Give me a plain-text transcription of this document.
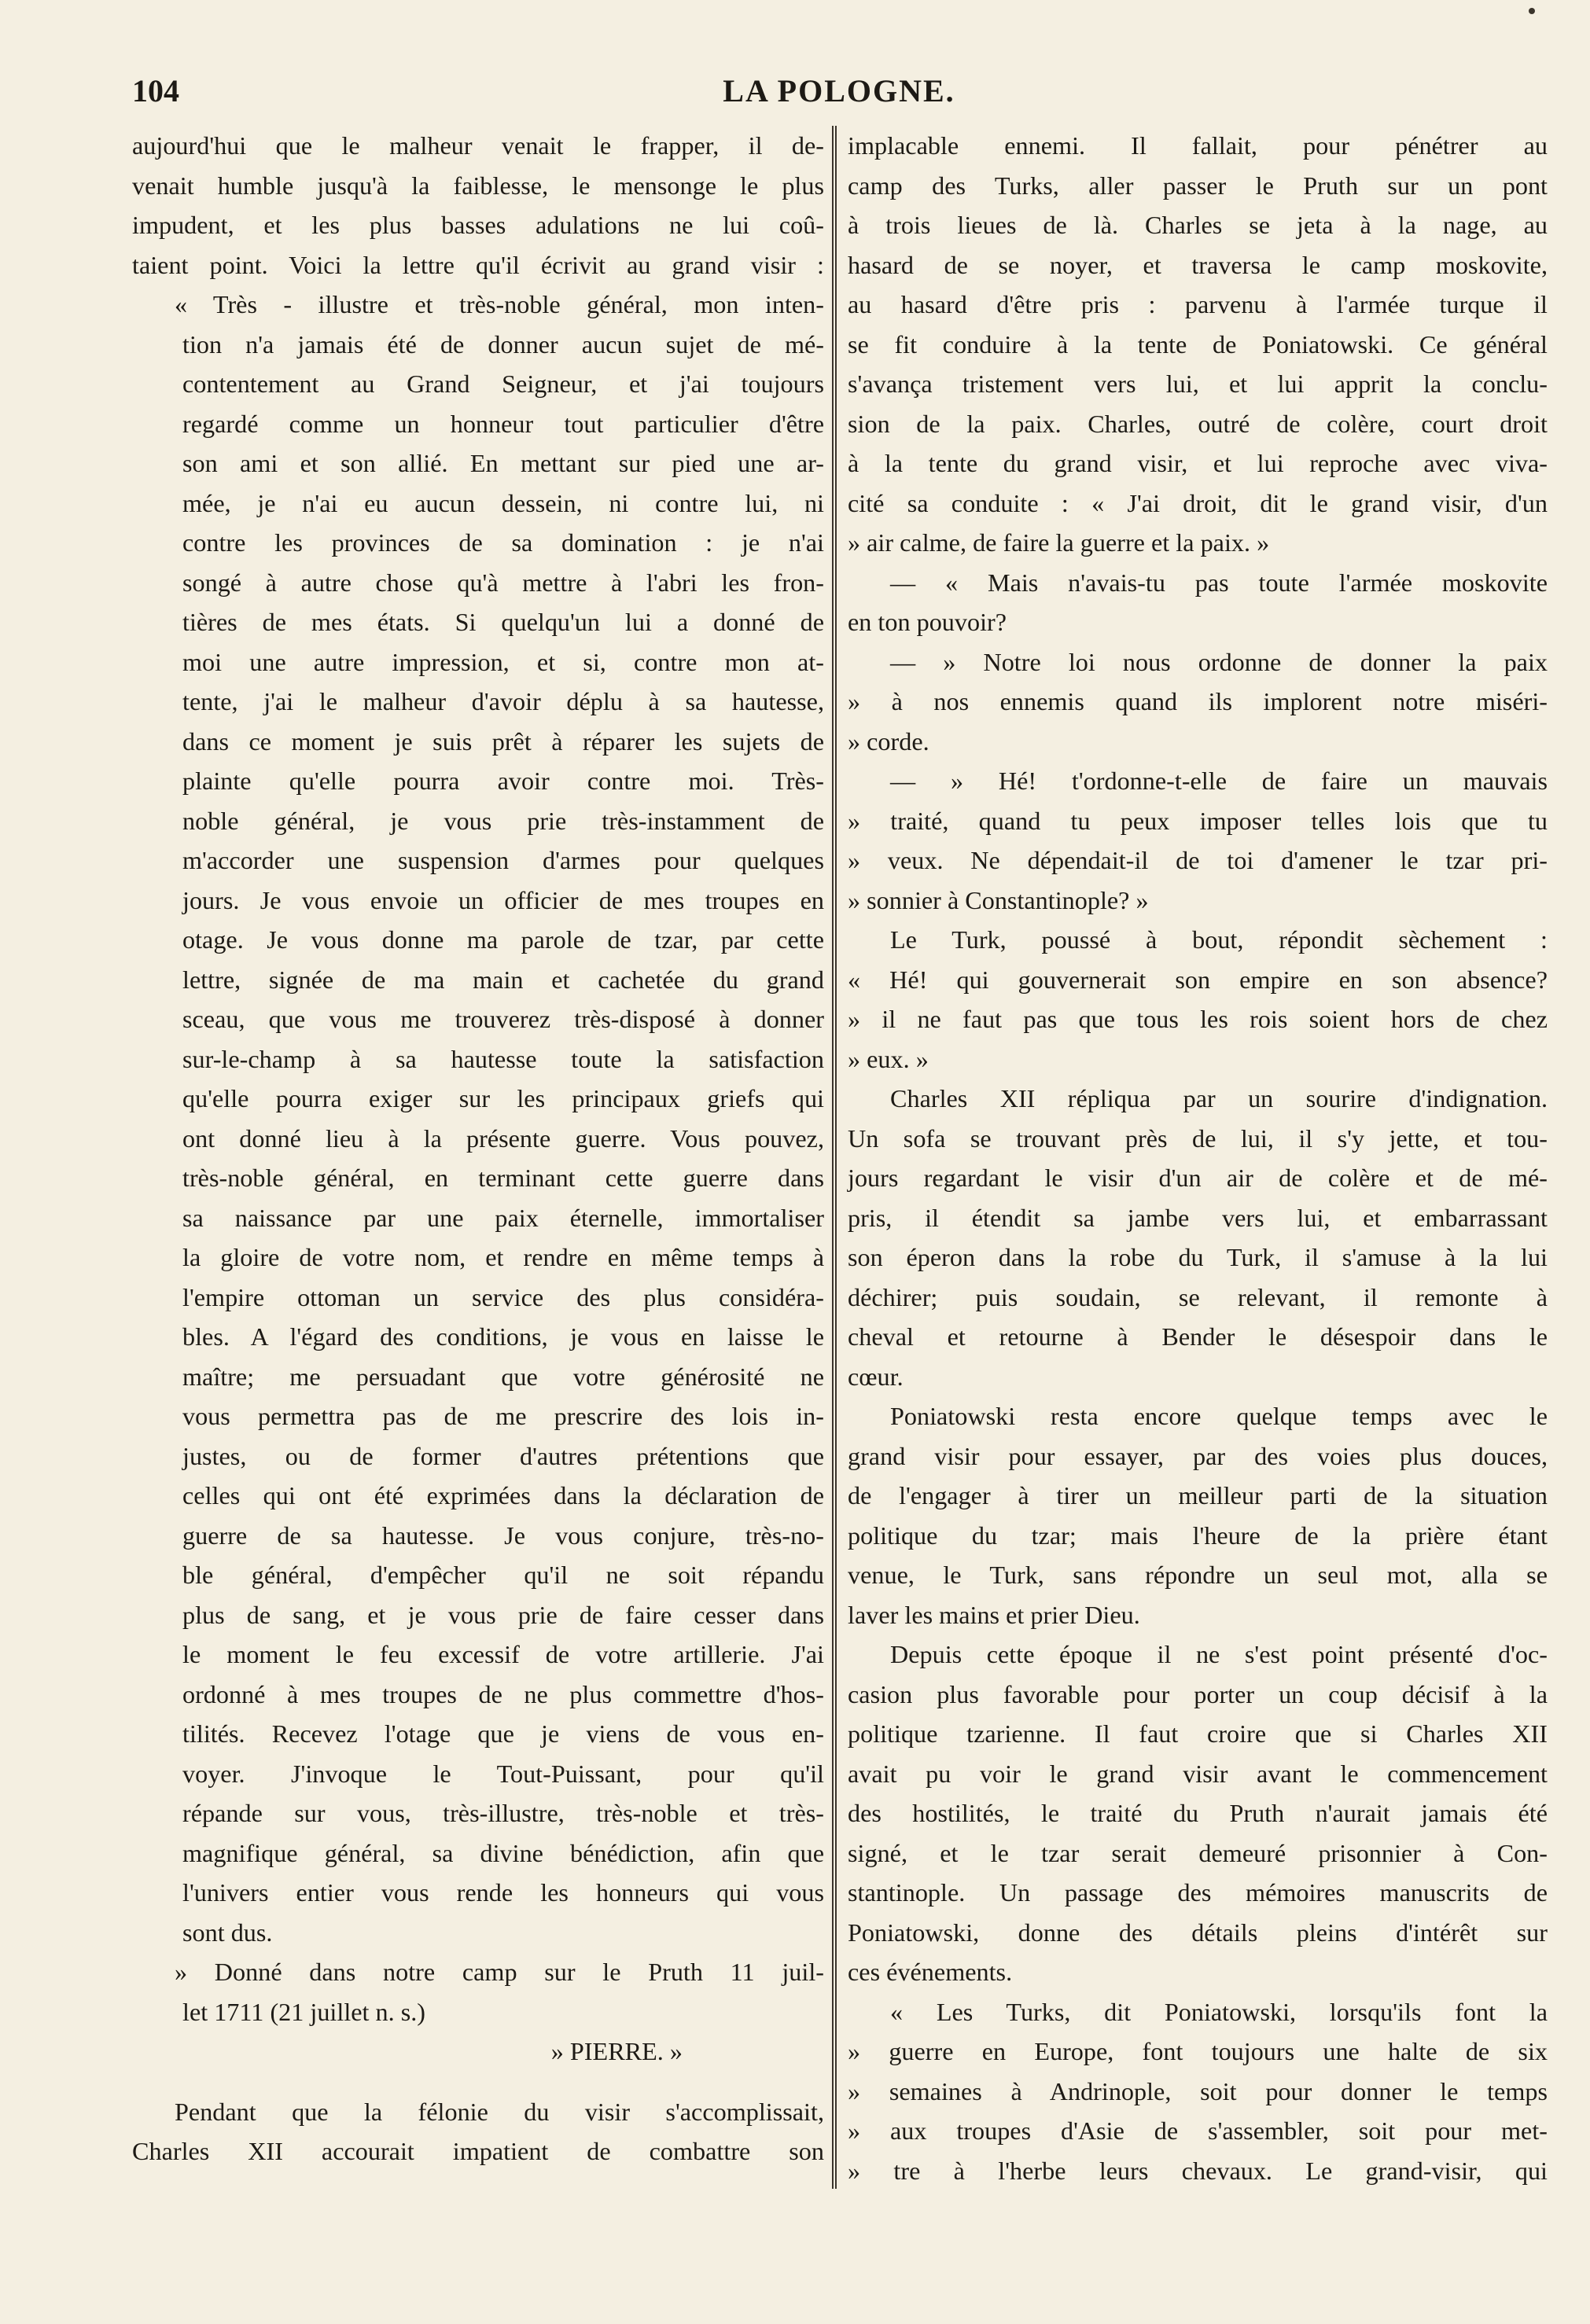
104	LA POLOGNE.
aujourd'hui que le malheur venait le frapper, il de-
venait humble jusqu'à la faiblesse, le mensonge le plus
impudent, et les plus basses adulations ne lui coû-
taient point. Voici la lettre qu'il écrivit au grand visir :
« Très - illustre et très-noble général, mon inten-
tion n'a jamais été de donner aucun sujet de mé-
contentement au Grand Seigneur, et j'ai toujours
regardé comme un honneur tout particulier d'être
son ami et son allié. En mettant sur pied une ar-
mée, je n'ai eu aucun dessein, ni contre lui, ni
contre les provinces de sa domination : je n'ai
songé à autre chose qu'à mettre à l'abri les fron-
tières de mes états. Si quelqu'un lui a donné de
moi une autre impression, et si, contre mon at-
tente, j'ai le malheur d'avoir déplu à sa hautesse,
dans ce moment je suis prêt à réparer les sujets de
plainte qu'elle pourra avoir contre moi. Très-
noble général, je vous prie très-instamment de
m'accorder une suspension d'armes pour quelques
jours. Je vous envoie un officier de mes troupes en
otage. Je vous donne ma parole de tzar, par cette
lettre, signée de ma main et cachetée du grand
sceau, que vous me trouverez très-disposé à donner
sur-le-champ à sa hautesse toute la satisfaction
qu'elle pourra exiger sur les principaux griefs qui
ont donné lieu à la présente guerre. Vous pouvez,
très-noble général, en terminant cette guerre dans
sa naissance par une paix éternelle, immortaliser
la gloire de votre nom, et rendre en même temps à
l'empire ottoman un service des plus considéra-
bles. A l'égard des conditions, je vous en laisse le
maître; me persuadant que votre générosité ne
vous permettra pas de me prescrire des lois in-
justes, ou de former d'autres prétentions que
celles qui ont été exprimées dans la déclaration de
guerre de sa hautesse. Je vous conjure, très-no-
ble général, d'empêcher qu'il ne soit répandu
plus de sang, et je vous prie de faire cesser dans
le moment le feu excessif de votre artillerie. J'ai
ordonné à mes troupes de ne plus commettre d'hos-
tilités. Recevez l'otage que je viens de vous en-
voyer. J'invoque le Tout-Puissant, pour qu'il
répande sur vous, très-illustre, très-noble et très-
magnifique général, sa divine bénédiction, afin que
l'univers entier vous rende les honneurs qui vous
sont dus.
» Donné dans notre camp sur le Pruth 11 juil-
let 1711 (21 juillet n. s.)
» PIERRE. »
Pendant que la félonie du visir s'accomplissait,
Charles XII accourait impatient de combattre son
implacable ennemi. Il fallait, pour pénétrer au
camp des Turks, aller passer le Pruth sur un pont
à trois lieues de là. Charles se jeta à la nage, au
hasard de se noyer, et traversa le camp moskovite,
au hasard d'être pris : parvenu à l'armée turque il
se fit conduire à la tente de Poniatowski. Ce général
s'avança tristement vers lui, et lui apprit la conclu-
sion de la paix. Charles, outré de colère, court droit
à la tente du grand visir, et lui reproche avec viva-
cité sa conduite : « J'ai droit, dit le grand visir, d'un
» air calme, de faire la guerre et la paix. »
— « Mais n'avais-tu pas toute l'armée moskovite
en ton pouvoir?
— » Notre loi nous ordonne de donner la paix
» à nos ennemis quand ils implorent notre miséri-
» corde.
— » Hé! t'ordonne-t-elle de faire un mauvais
» traité, quand tu peux imposer telles lois que tu
» veux. Ne dépendait-il de toi d'amener le tzar pri-
» sonnier à Constantinople? »
Le Turk, poussé à bout, répondit sèchement :
« Hé! qui gouvernerait son empire en son absence?
» il ne faut pas que tous les rois soient hors de chez
» eux. »
Charles XII répliqua par un sourire d'indignation.
Un sofa se trouvant près de lui, il s'y jette, et tou-
jours regardant le visir d'un air de colère et de mé-
pris, il étendit sa jambe vers lui, et embarrassant
son éperon dans la robe du Turk, il s'amuse à la lui
déchirer; puis soudain, se relevant, il remonte à
cheval et retourne à Bender le désespoir dans le
cœur.
Poniatowski resta encore quelque temps avec le
grand visir pour essayer, par des voies plus douces,
de l'engager à tirer un meilleur parti de la situation
politique du tzar; mais l'heure de la prière étant
venue, le Turk, sans répondre un seul mot, alla se
laver les mains et prier Dieu.
Depuis cette époque il ne s'est point présenté d'oc-
casion plus favorable pour porter un coup décisif à la
politique tzarienne. Il faut croire que si Charles XII
avait pu voir le grand visir avant le commencement
des hostilités, le traité du Pruth n'aurait jamais été
signé, et le tzar serait demeuré prisonnier à Con-
stantinople. Un passage des mémoires manuscrits de
Poniatowski, donne des détails pleins d'intérêt sur
ces événements.
« Les Turks, dit Poniatowski, lorsqu'ils font la
» guerre en Europe, font toujours une halte de six
» semaines à Andrinople, soit pour donner le temps
» aux troupes d'Asie de s'assembler, soit pour met-
» tre à l'herbe leurs chevaux. Le grand-visir, qui
